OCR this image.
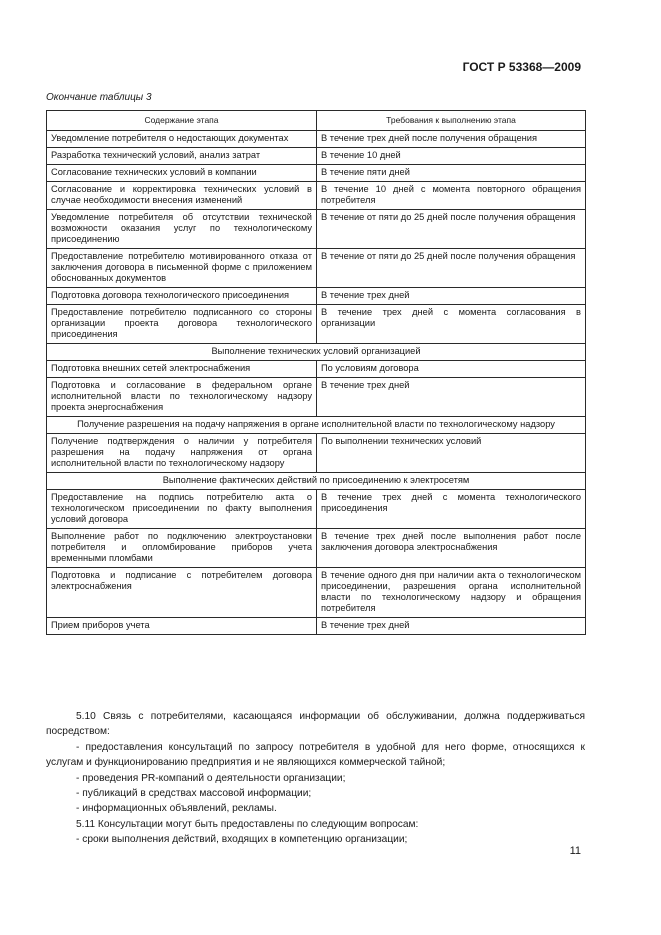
ГОСТ Р 53368—2009
Окончание таблицы 3
Содержание этапа	Требования к выполнению этапа
Уведомление потребителя о недостающих документах	В течение трех дней после получения обращения
Разработка технический условий, анализ затрат	В течение 10 дней
Согласование технических условий в компании	В течение пяти дней
Согласование и корректировка технических условий в случае необходимости внесения изменений	В течение 10 дней с момента повторного обращения потребителя
Уведомление потребителя об отсутствии технической возможности оказания услуг по технологическому присоединению	В течение от пяти до 25 дней после получения обращения
Предоставление потребителю мотивированного отказа от заключения договора в письменной форме с приложением обоснованных документов	В течение от пяти до 25 дней после получения обращения
Подготовка договора технологического присоединения	В течение трех дней
Предоставление потребителю подписанного со стороны организации проекта договора технологического присоединения	В течение трех дней с момента согласования в организации
Выполнение технических условий организацией	
Подготовка внешних сетей электроснабжения	По условиям договора
Подготовка и согласование в федеральном органе исполнительной власти по технологическому надзору проекта энергоснабжения	В течение трех дней
Получение разрешения на подачу напряжения в органе исполнительной власти по технологическому надзору	
Получение подтверждения о наличии у потребителя разрешения на подачу напряжения от органа исполнительной власти по технологическому надзору	По выполнении технических условий
Выполнение фактических действий по присоединению к электросетям	
Предоставление на подпись потребителю акта о технологическом присоединении по факту выполнения условий договора	В течение трех дней с момента технологического присоединения
Выполнение работ по подключению электроустановки потребителя и опломбирование приборов учета временными пломбами	В течение трех дней после выполнения работ после заключения договора электроснабжения
Подготовка и подписание с потребителем договора электроснабжения	В течение одного дня при наличии акта о технологическом присоединении, разрешения органа исполнительной власти по технологическому надзору и обращения потребителя
Прием приборов учета	В течение трех дней

5.10 Связь с потребителями, касающаяся информации об обслуживании, должна поддерживаться посредством:

- предоставления консультаций по запросу потребителя в удобной для него форме, относящихся к услугам и функционированию предприятия и не являющихся коммерческой тайной;

- проведения PR-компаний о деятельности организации;

- публикаций в средствах массовой информации;

- информационных объявлений, рекламы.

5.11 Консультации могут быть предоставлены по следующим вопросам:

- сроки выполнения действий, входящих в компетенцию организации;

11
